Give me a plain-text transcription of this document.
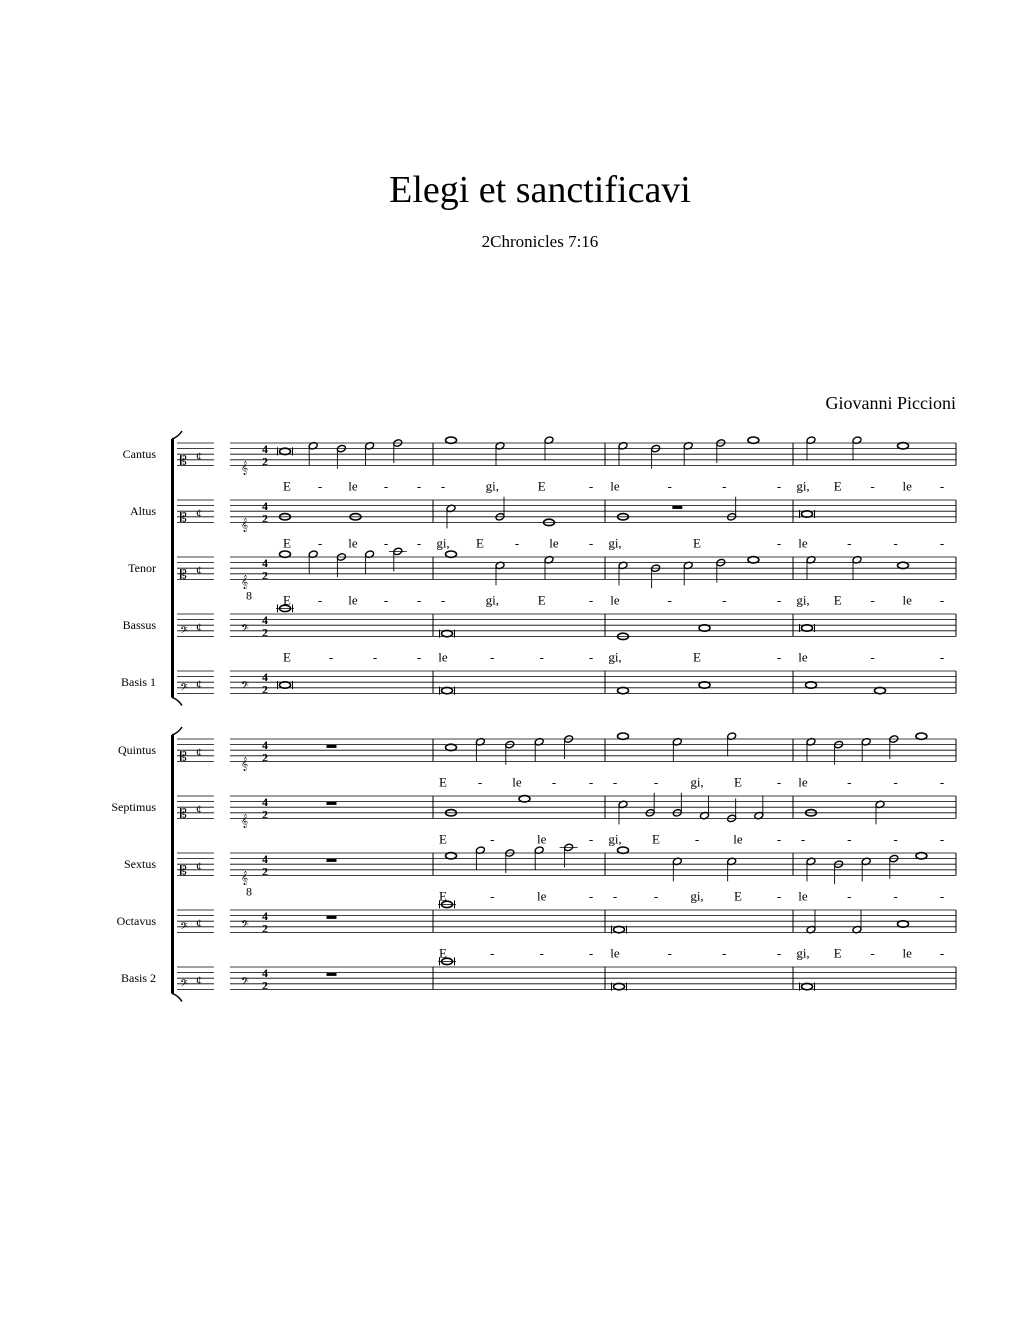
Elegi et sanctificavi
2Chronicles 7:16
Giovanni Piccioni
Cantus 𝄡 ¢
𝄞
4
2
E - le - - -	gi,	E	- le	-	-	- gi, E - le -
Altus 𝄡 ¢
𝄞
4
2
E - le - - gi, E - le - gi,	E	- le	-	-	-
Tenor 𝄡 ¢
𝄞
8
4
2
E - le - - -	gi,	E	- le	-	-	- gi, E - le -
Bassus 𝄢 ¢	𝄢
4
2
E	-	-	- le	-	-	- gi,	E	- le	-	-
Basis 1 𝄢 ¢	𝄢
4
2
Quintus 𝄡 ¢
𝄞
4
2
E - le -	- -	- gi, E	- le	-	-	-
Septimus 𝄡 ¢
𝄞
4
2
E	-	le	- gi, E	-	le	- -	-	-	-
Sextus 𝄡 ¢
𝄞
8
4
2
E	-	le	- -	- gi, E	- le	-	-	-
Octavus 𝄢 ¢	𝄢
4
2
E	-	-	- le	-	-	- gi, E - le -
Basis 2 𝄢 ¢	𝄢
4
2
